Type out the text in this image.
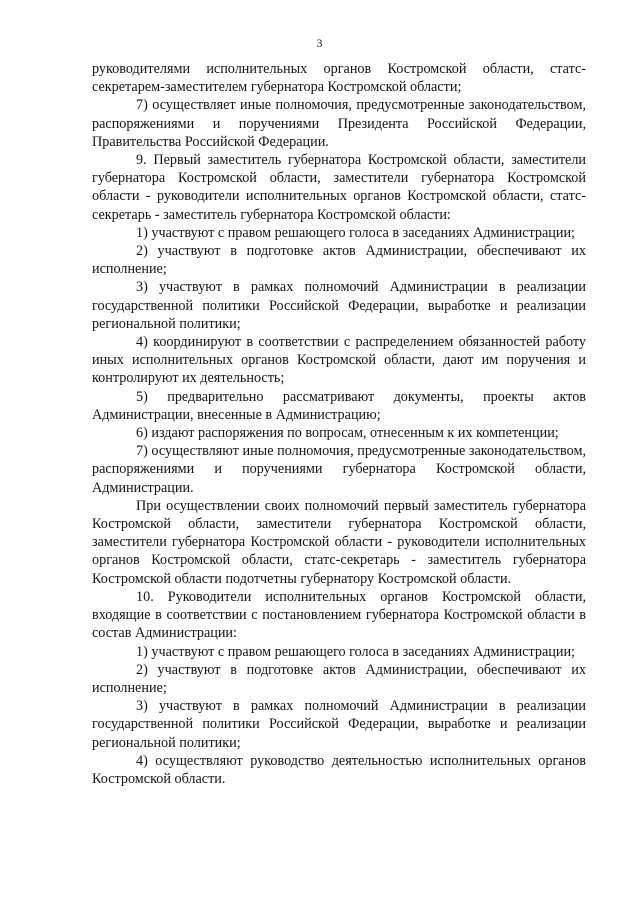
3

руководителями исполнительных органов Костромской области, статс-секретарем-заместителем губернатора Костромской области;

7) осуществляет иные полномочия, предусмотренные законодательством, распоряжениями и поручениями Президента Российской Федерации, Правительства Российской Федерации.

9. Первый заместитель губернатора Костромской области, заместители губернатора Костромской области, заместители губернатора Костромской области - руководители исполнительных органов Костромской области, статс-секретарь - заместитель губернатора Костромской области:

1) участвуют с правом решающего голоса в заседаниях Администрации;

2) участвуют в подготовке актов Администрации, обеспечивают их исполнение;

3) участвуют в рамках полномочий Администрации в реализации государственной политики Российской Федерации, выработке и реализации региональной политики;

4) координируют в соответствии с распределением обязанностей работу иных исполнительных органов Костромской области, дают им поручения и контролируют их деятельность;

5) предварительно рассматривают документы, проекты актов Администрации, внесенные в Администрацию;

6) издают распоряжения по вопросам, отнесенным к их компетенции;

7) осуществляют иные полномочия, предусмотренные законодательством, распоряжениями и поручениями губернатора Костромской области, Администрации.

При осуществлении своих полномочий первый заместитель губернатора Костромской области, заместители губернатора Костромской области, заместители губернатора Костромской области - руководители исполнительных органов Костромской области, статс-секретарь - заместитель губернатора Костромской области подотчетны губернатору Костромской области.

10. Руководители исполнительных органов Костромской области, входящие в соответствии с постановлением губернатора Костромской области в состав Администрации:

1) участвуют с правом решающего голоса в заседаниях Администрации;

2) участвуют в подготовке актов Администрации, обеспечивают их исполнение;

3) участвуют в рамках полномочий Администрации в реализации государственной политики Российской Федерации, выработке и реализации региональной политики;

4) осуществляют руководство деятельностью исполнительных органов Костромской области.
